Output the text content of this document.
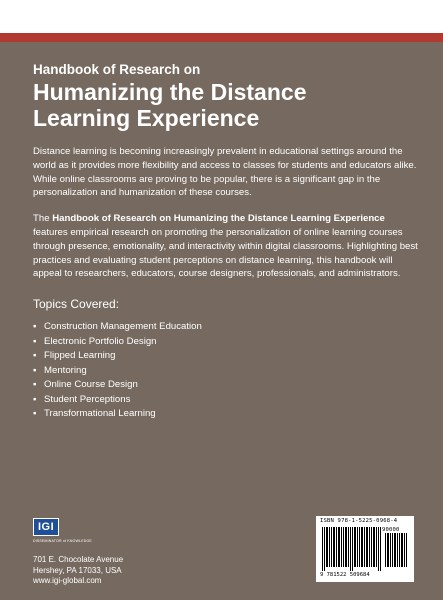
Handbook of Research on

Humanizing the Distance
Learning Experience

Distance learning is becoming increasingly prevalent in educational settings around the world as it provides more flexibility and access to classes for students and educators alike. While online classrooms are proving to be popular, there is a significant gap in the personalization and humanization of these courses.

The Handbook of Research on Humanizing the Distance Learning Experience features empirical research on promoting the personalization of online learning courses through presence, emotionality, and interactivity within digital classrooms. Highlighting best practices and evaluating student perceptions on distance learning, this handbook will appeal to researchers, educators, course designers, professionals, and administrators.

Topics Covered:
▪ Construction Management Education
▪ Electronic Portfolio Design
▪ Flipped Learning
▪ Mentoring
▪ Online Course Design
▪ Student Perceptions
▪ Transformational Learning
IGI
DISSEMINATOR of KNOWLEDGE
701 E. Chocolate Avenue
Hershey, PA 17033, USA
www.igi-global.com
ISBN 978-1-5225-0968-4
90000
9 781522 509684
